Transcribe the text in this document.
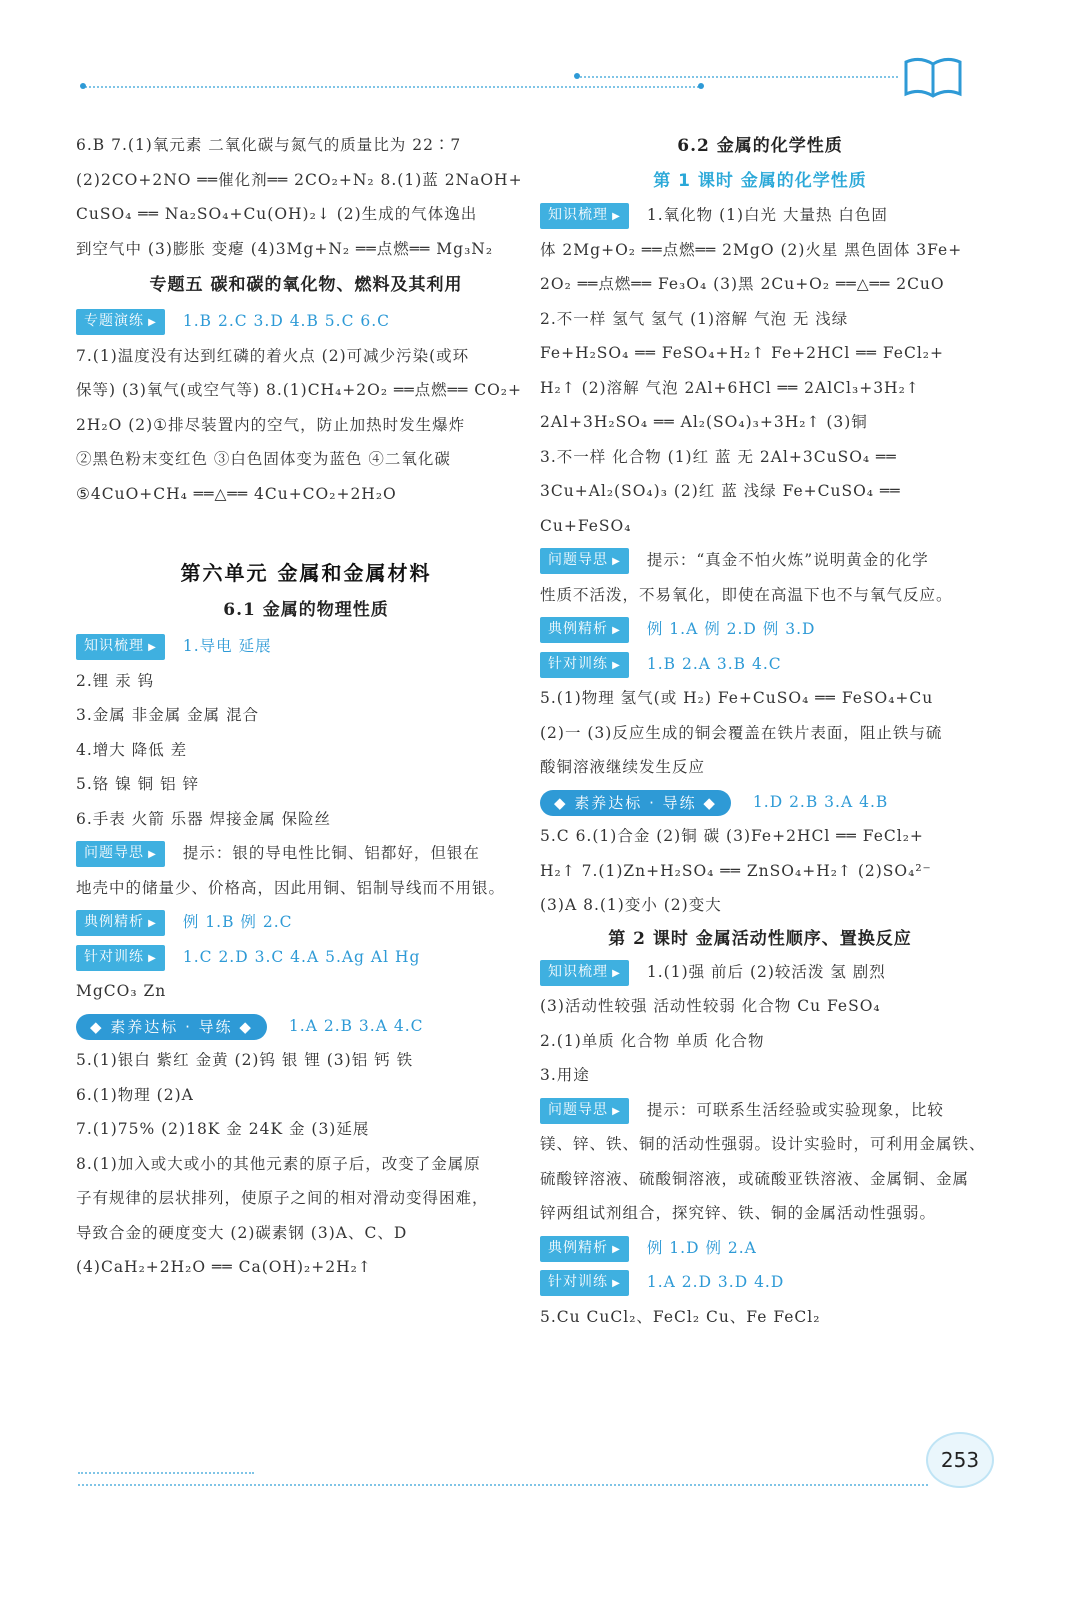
6.B 7.(1)氧元素 二氧化碳与氮气的质量比为 22∶7
(2)2CO+2NO ══催化剂══ 2CO₂+N₂ 8.(1)蓝 2NaOH+
CuSO₄ ══ Na₂SO₄+Cu(OH)₂↓ (2)生成的气体逸出
到空气中 (3)膨胀 变瘪 (4)3Mg+N₂ ══点燃══ Mg₃N₂
专题五 碳和碳的氧化物、燃料及其利用
专题演练 ▶	1.B 2.C 3.D 4.B 5.C 6.C
7.(1)温度没有达到红磷的着火点 (2)可减少污染(或环
保等) (3)氧气(或空气等) 8.(1)CH₄+2O₂ ══点燃══ CO₂+
2H₂O (2)①排尽装置内的空气，防止加热时发生爆炸
②黑色粉末变红色 ③白色固体变为蓝色 ④二氧化碳
⑤4CuO+CH₄ ══△══ 4Cu+CO₂+2H₂O
第六单元 金属和金属材料
6.1 金属的物理性质
知识梳理 ▶	1.导电 延展
2.锂 汞 钨
3.金属 非金属 金属 混合
4.增大 降低 差
5.铬 镍 铜 铝 锌
6.手表 火箭 乐器 焊接金属 保险丝
问题导思 ▶	提示：银的导电性比铜、铝都好，但银在
地壳中的储量少、价格高，因此用铜、铝制导线而不用银。
典例精析 ▶	例 1.B 例 2.C
针对训练 ▶	1.C 2.D 3.C 4.A 5.Ag Al Hg
MgCO₃ Zn
◆ 素养达标 · 导练 ◆ 1.A 2.B 3.A 4.C
5.(1)银白 紫红 金黄 (2)钨 银 锂 (3)铝 钙 铁
6.(1)物理 (2)A
7.(1)75% (2)18K 金 24K 金 (3)延展
8.(1)加入或大或小的其他元素的原子后，改变了金属原
子有规律的层状排列，使原子之间的相对滑动变得困难，
导致合金的硬度变大 (2)碳素钢 (3)A、C、D
(4)CaH₂+2H₂O ══ Ca(OH)₂+2H₂↑
6.2 金属的化学性质
第 1 课时 金属的化学性质
知识梳理 ▶	1.氧化物 (1)白光 大量热 白色固
体 2Mg+O₂ ══点燃══ 2MgO (2)火星 黑色固体 3Fe+
2O₂ ══点燃══ Fe₃O₄ (3)黑 2Cu+O₂ ══△══ 2CuO
2.不一样 氢气 氢气 (1)溶解 气泡 无 浅绿
Fe+H₂SO₄ ══ FeSO₄+H₂↑ Fe+2HCl ══ FeCl₂+
H₂↑ (2)溶解 气泡 2Al+6HCl ══ 2AlCl₃+3H₂↑
2Al+3H₂SO₄ ══ Al₂(SO₄)₃+3H₂↑ (3)铜
3.不一样 化合物 (1)红 蓝 无 2Al+3CuSO₄ ══
3Cu+Al₂(SO₄)₃ (2)红 蓝 浅绿 Fe+CuSO₄ ══
Cu+FeSO₄
问题导思 ▶	提示：“真金不怕火炼”说明黄金的化学
性质不活泼，不易氧化，即使在高温下也不与氧气反应。
典例精析 ▶	例 1.A 例 2.D 例 3.D
针对训练 ▶	1.B 2.A 3.B 4.C
5.(1)物理 氢气(或 H₂) Fe+CuSO₄ ══ FeSO₄+Cu
(2)一 (3)反应生成的铜会覆盖在铁片表面，阻止铁与硫
酸铜溶液继续发生反应
◆ 素养达标 · 导练 ◆ 1.D 2.B 3.A 4.B
5.C 6.(1)合金 (2)铜 碳 (3)Fe+2HCl ══ FeCl₂+
H₂↑ 7.(1)Zn+H₂SO₄ ══ ZnSO₄+H₂↑ (2)SO₄²⁻
(3)A 8.(1)变小 (2)变大
第 2 课时 金属活动性顺序、置换反应
知识梳理 ▶	1.(1)强 前后 (2)较活泼 氢 剧烈
(3)活动性较强 活动性较弱 化合物 Cu FeSO₄
2.(1)单质 化合物 单质 化合物
3.用途
问题导思 ▶	提示：可联系生活经验或实验现象，比较
镁、锌、铁、铜的活动性强弱。设计实验时，可利用金属铁、
硫酸锌溶液、硫酸铜溶液，或硫酸亚铁溶液、金属铜、金属
锌两组试剂组合，探究锌、铁、铜的金属活动性强弱。
典例精析 ▶	例 1.D 例 2.A
针对训练 ▶	1.A 2.D 3.D 4.D
5.Cu CuCl₂、FeCl₂ Cu、Fe FeCl₂
253
